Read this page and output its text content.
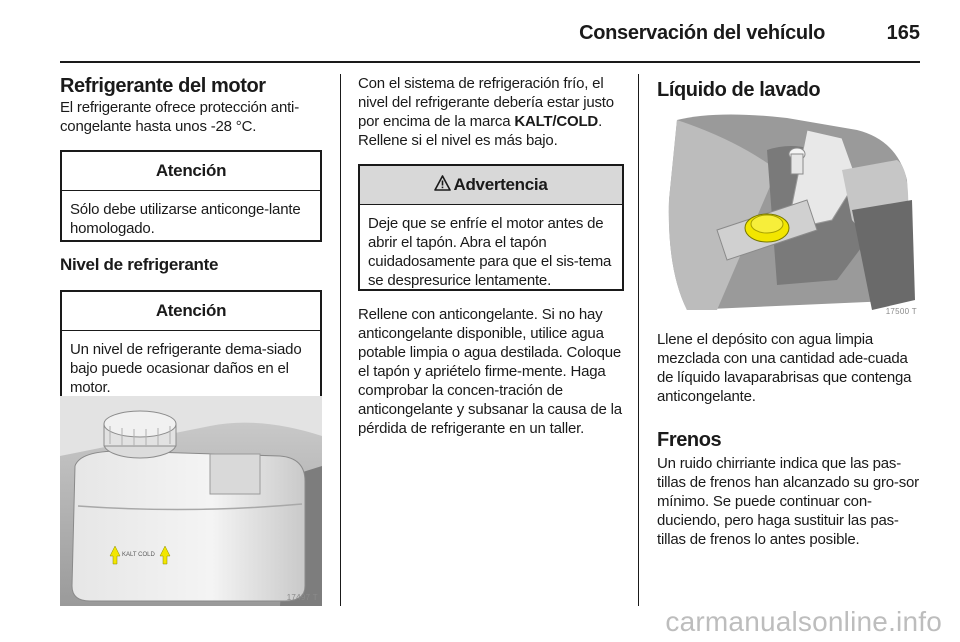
Conservación del vehículo	165
Refrigerante del motor

El refrigerante ofrece protección anti-congelante hasta unos -28 °C.

Atención

Sólo debe utilizarse anticonge-lante homologado.

Nivel de refrigerante
Atención

Un nivel de refrigerante dema-siado bajo puede ocasionar daños en el motor.

KALT COLD
17497 T

Con el sistema de refrigeración frío, el nivel del refrigerante debería estar justo por encima de la marca KALT/COLD. Rellene si el nivel es más bajo.

Advertencia

Deje que se enfríe el motor antes de abrir el tapón. Abra el tapón cuidadosamente para que el sis-tema se despresurice lentamente.

Rellene con anticongelante. Si no hay anticongelante disponible, utilice agua potable limpia o agua destilada. Coloque el tapón y apriételo firme-mente. Haga comprobar la concen-tración de anticongelante y subsanar la causa de la pérdida de refrigerante en un taller.

Líquido de lavado
17500 T

Llene el depósito con agua limpia mezclada con una cantidad ade-cuada de líquido lavaparabrisas que contenga anticongelante.

Frenos

Un ruido chirriante indica que las pas-tillas de frenos han alcanzado su gro-sor mínimo. Se puede continuar con-duciendo, pero haga sustituir las pas-tillas de frenos lo antes posible.

carmanualsonline.info
